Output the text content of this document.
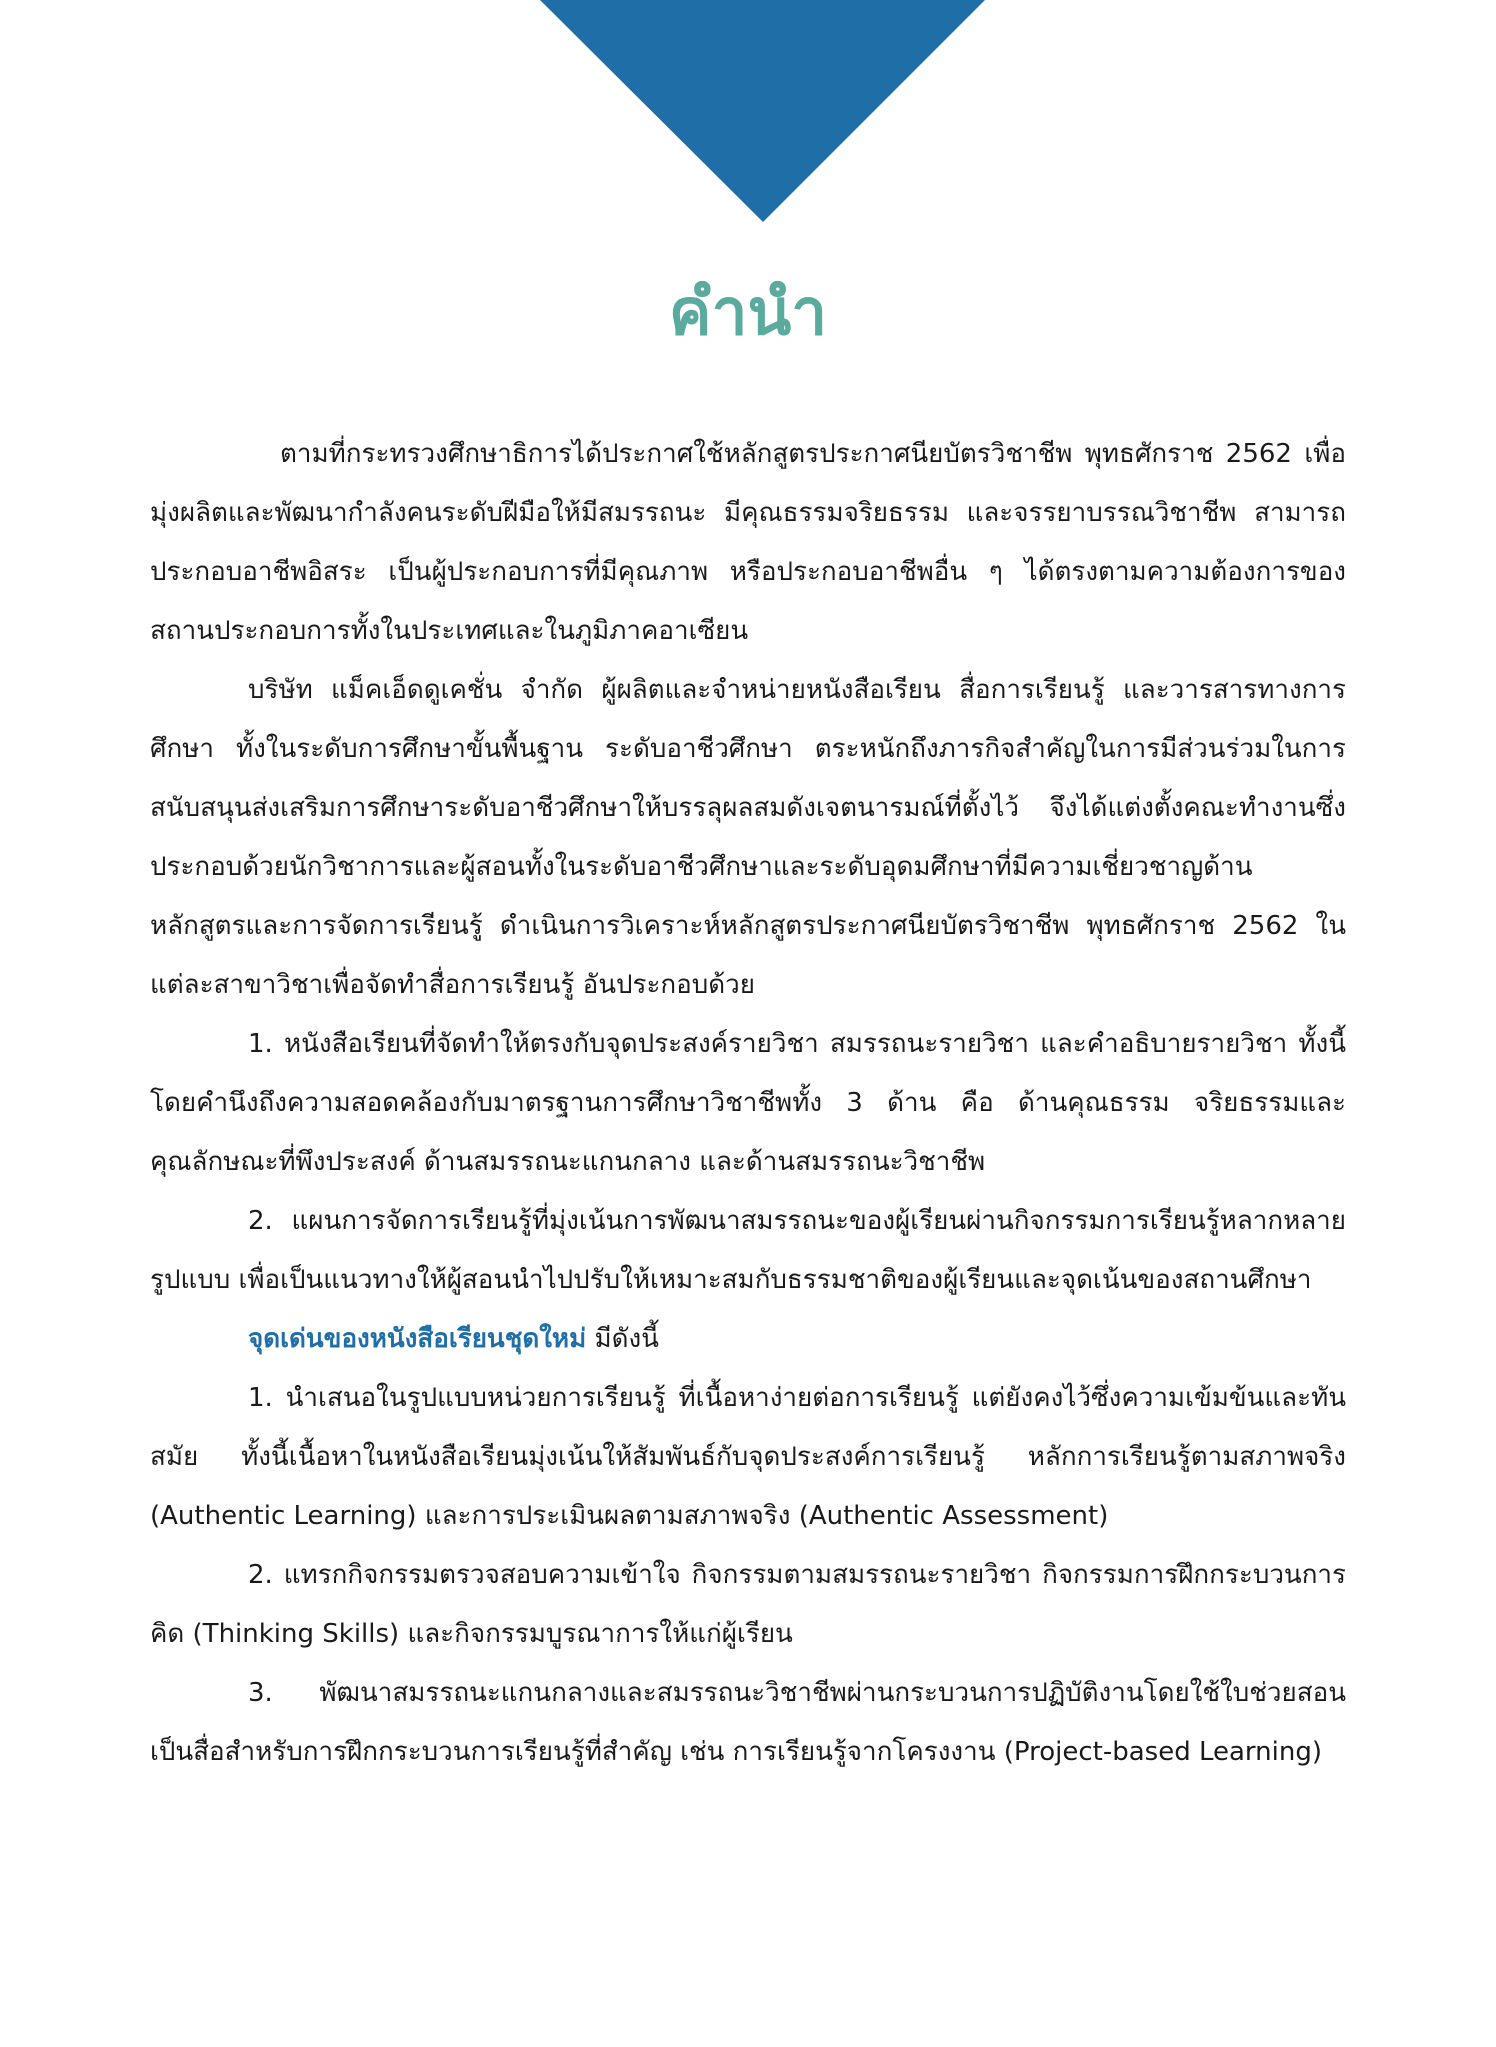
คำนำ

ตามที่กระทรวงศึกษาธิการได้ประกาศใช้หลักสูตรประกาศนียบัตรวิชาชีพ พุทธศักราช 2562 เพื่อมุ่งผลิตและพัฒนากำลังคนระดับฝีมือให้มีสมรรถนะ มีคุณธรรมจริยธรรม และจรรยาบรรณวิชาชีพ สามารถประกอบอาชีพอิสระ เป็นผู้ประกอบการที่มีคุณภาพ หรือประกอบอาชีพอื่น ๆ ได้ตรงตามความต้องการของสถานประกอบการทั้งในประเทศและในภูมิภาคอาเซียน

บริษัท แม็คเอ็ดดูเคชั่น จำกัด ผู้ผลิตและจำหน่ายหนังสือเรียน สื่อการเรียนรู้ และวารสารทางการศึกษา ทั้งในระดับการศึกษาขั้นพื้นฐาน ระดับอาชีวศึกษา ตระหนักถึงภารกิจสำคัญในการมีส่วนร่วมในการสนับสนุนส่งเสริมการศึกษาระดับอาชีวศึกษาให้บรรลุผลสมดังเจตนารมณ์ที่ตั้งไว้ จึงได้แต่งตั้งคณะทำงานซึ่งประกอบด้วยนักวิชาการและผู้สอนทั้งในระดับอาชีวศึกษาและระดับอุดมศึกษาที่มีความเชี่ยวชาญด้านหลักสูตรและการจัดการเรียนรู้ ดำเนินการวิเคราะห์หลักสูตรประกาศนียบัตรวิชาชีพ พุทธศักราช 2562 ในแต่ละสาขาวิชาเพื่อจัดทำสื่อการเรียนรู้ อันประกอบด้วย

1. หนังสือเรียนที่จัดทำให้ตรงกับจุดประสงค์รายวิชา สมรรถนะรายวิชา และคำอธิบายรายวิชา ทั้งนี้โดยคำนึงถึงความสอดคล้องกับมาตรฐานการศึกษาวิชาชีพทั้ง 3 ด้าน คือ ด้านคุณธรรม จริยธรรมและคุณลักษณะที่พึงประสงค์ ด้านสมรรถนะแกนกลาง และด้านสมรรถนะวิชาชีพ

2. แผนการจัดการเรียนรู้ที่มุ่งเน้นการพัฒนาสมรรถนะของผู้เรียนผ่านกิจกรรมการเรียนรู้หลากหลายรูปแบบ เพื่อเป็นแนวทางให้ผู้สอนนำไปปรับให้เหมาะสมกับธรรมชาติของผู้เรียนและจุดเน้นของสถานศึกษา

จุดเด่นของหนังสือเรียนชุดใหม่ มีดังนี้

1. นำเสนอในรูปแบบหน่วยการเรียนรู้ ที่เนื้อหาง่ายต่อการเรียนรู้ แต่ยังคงไว้ซึ่งความเข้มข้นและทันสมัย ทั้งนี้เนื้อหาในหนังสือเรียนมุ่งเน้นให้สัมพันธ์กับจุดประสงค์การเรียนรู้ หลักการเรียนรู้ตามสภาพจริง (Authentic Learning) และการประเมินผลตามสภาพจริง (Authentic Assessment)

2. แทรกกิจกรรมตรวจสอบความเข้าใจ กิจกรรมตามสมรรถนะรายวิชา กิจกรรมการฝึกกระบวนการคิด (Thinking Skills) และกิจกรรมบูรณาการให้แก่ผู้เรียน

3. พัฒนาสมรรถนะแกนกลางและสมรรถนะวิชาชีพผ่านกระบวนการปฏิบัติงานโดยใช้ใบช่วยสอนเป็นสื่อสำหรับการฝึกกระบวนการเรียนรู้ที่สำคัญ เช่น การเรียนรู้จากโครงงาน (Project-based Learning)
